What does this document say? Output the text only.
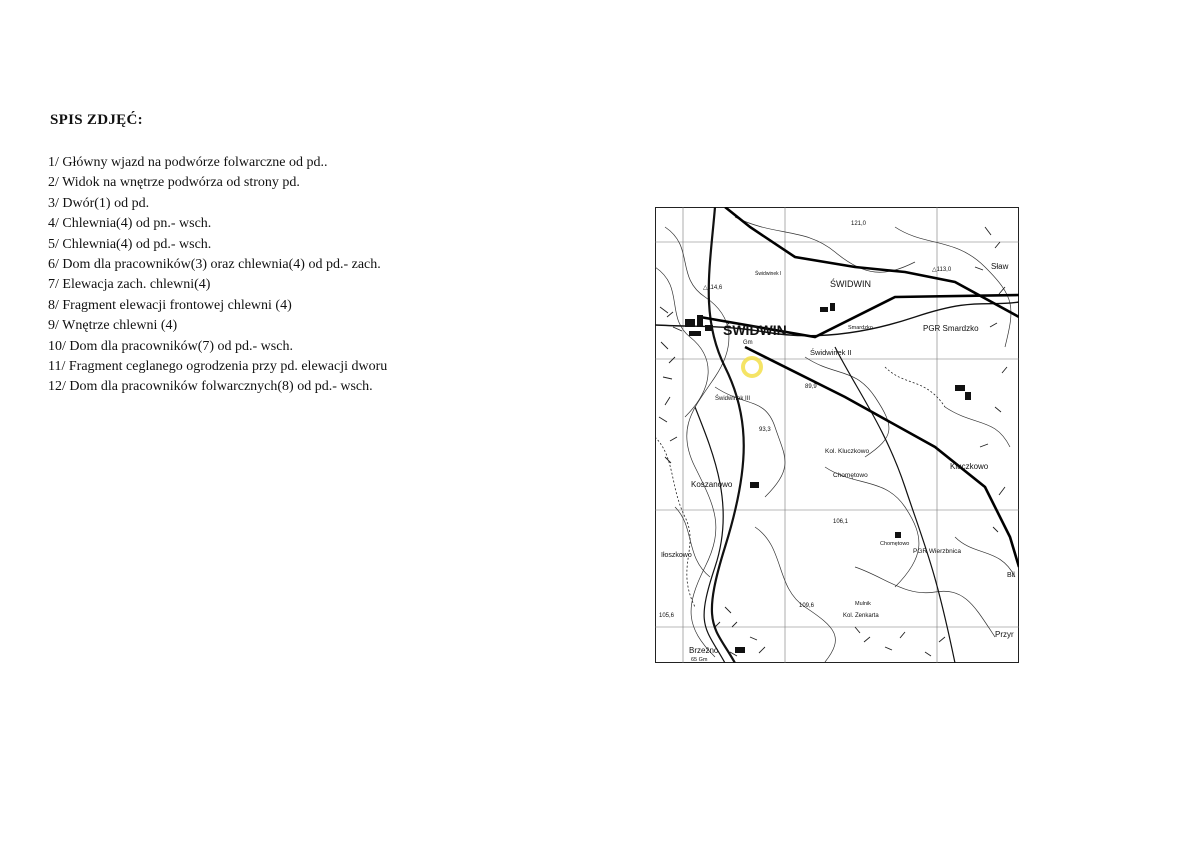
SPIS ZDJĘĆ:
1/ Główny wjazd na podwórze folwarczne od pd..
2/ Widok na wnętrze podwórza od strony pd.
3/ Dwór(1) od pd.
4/ Chlewnia(4) od pn.- wsch.
5/ Chlewnia(4) od pd.- wsch.
6/ Dom dla pracowników(3) oraz chlewnia(4) od pd.- zach.
7/ Elewacja zach. chlewni(4)
8/ Fragment elewacji frontowej chlewni (4)
9/ Wnętrze chlewni (4)
10/ Dom dla pracowników(7) od pd.- wsch.
11/ Fragment ceglanego ogrodzenia przy pd. elewacji dworu
12/ Dom dla pracowników folwarcznych(8) od pd.- wsch.
ŚWIDWIN
Gm
ŚWIDWIN
Świdwinek I
Świdwinek II
Świdwinek III
Smardzko	PGR Smardzko
Kluczkowo
Kol. Kluczkowo
Chomętowo
Chomętowo
Koszanowo
Iłoszkowo
PGR Wierzbnica
Kol. Zenkarta
Mulnik
Brzeźno
65 Gm
Sław
Przyr
Bil
△114,6
121,0
△113,0
106,1
109,6
105,6
93,3
89,9
